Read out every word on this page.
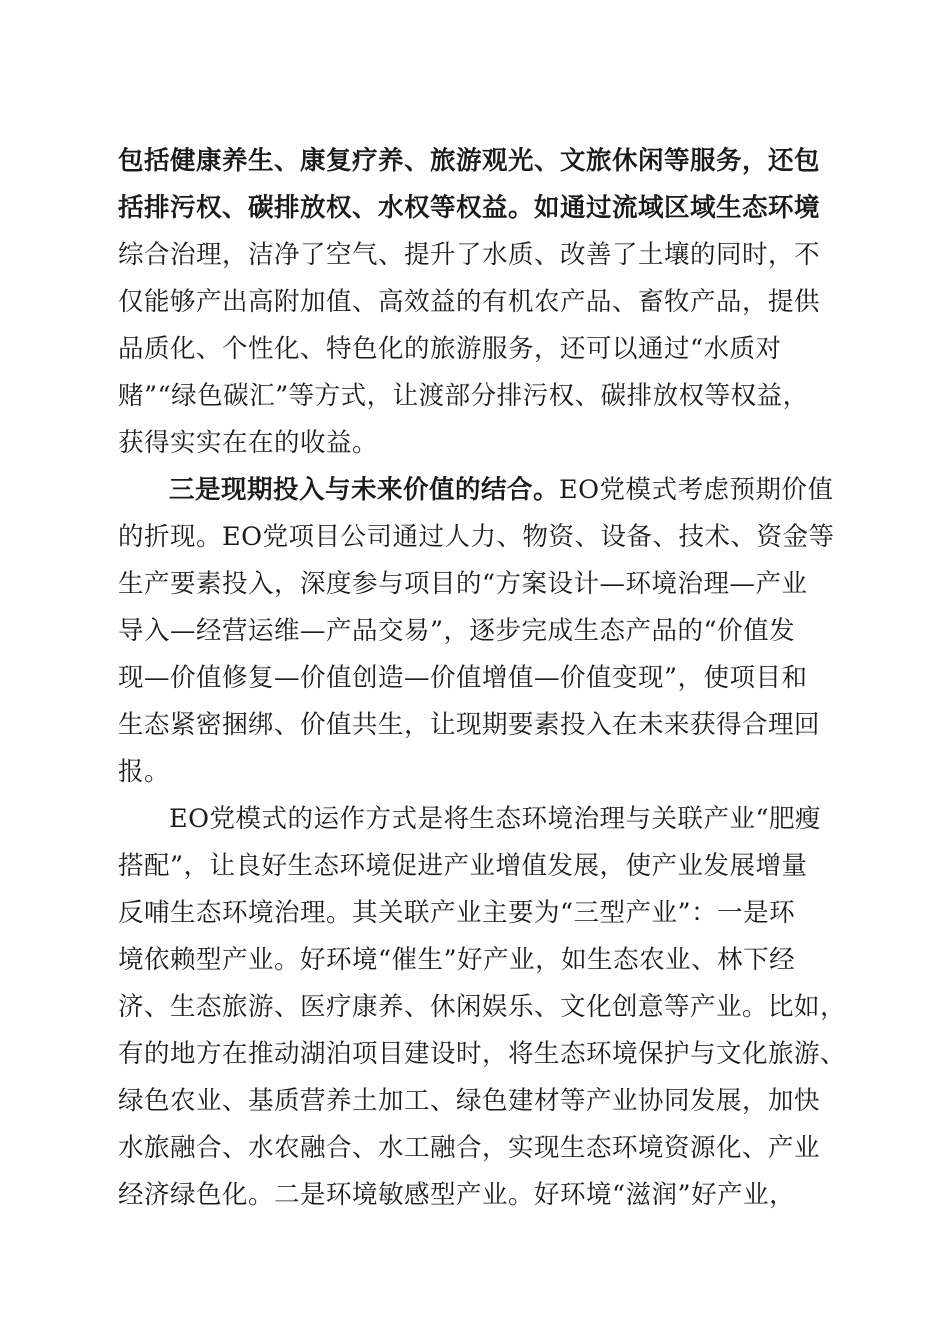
包括健康养生、康复疗养、旅游观光、文旅休闲等服务，还包
括排污权、碳排放权、水权等权益。如通过流域区域生态环境
综合治理，洁净了空气、提升了水质、改善了土壤的同时，不
仅能够产出高附加值、高效益的有机农产品、畜牧产品，提供
品质化、个性化、特色化的旅游服务，还可以通过“水质对
赌”“绿色碳汇”等方式，让渡部分排污权、碳排放权等权益，
获得实实在在的收益。
三是现期投入与未来价值的结合。EO党模式考虑预期价值
的折现。EO党项目公司通过人力、物资、设备、技术、资金等
生产要素投入，深度参与项目的“方案设计—环境治理—产业
导入—经营运维—产品交易”，逐步完成生态产品的“价值发
现—价值修复—价值创造—价值增值—价值变现”，使项目和
生态紧密捆绑、价值共生，让现期要素投入在未来获得合理回
报。
EO党模式的运作方式是将生态环境治理与关联产业“肥瘦
搭配”，让良好生态环境促进产业增值发展，使产业发展增量
反哺生态环境治理。其关联产业主要为“三型产业”：一是环
境依赖型产业。好环境“催生”好产业，如生态农业、林下经
济、生态旅游、医疗康养、休闲娱乐、文化创意等产业。比如，
有的地方在推动湖泊项目建设时，将生态环境保护与文化旅游、
绿色农业、基质营养土加工、绿色建材等产业协同发展，加快
水旅融合、水农融合、水工融合，实现生态环境资源化、产业
经济绿色化。二是环境敏感型产业。好环境“滋润”好产业，
